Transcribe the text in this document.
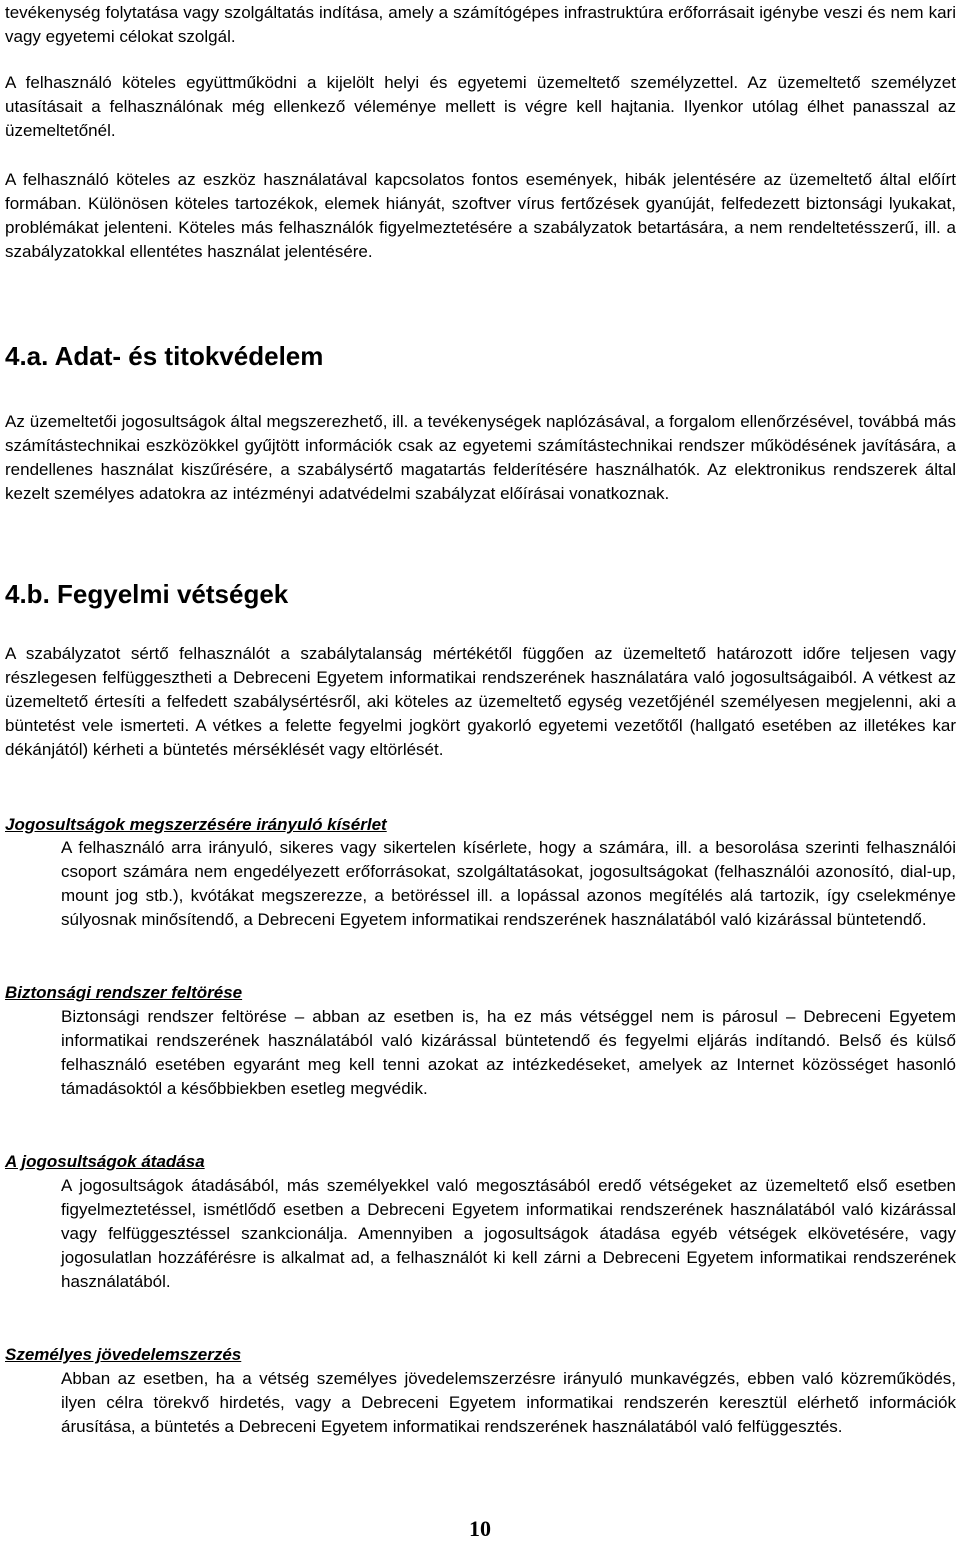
tevékenység folytatása vagy szolgáltatás indítása, amely a számítógépes infrastruktúra erőforrásait igénybe veszi és nem kari vagy egyetemi célokat szolgál.

A felhasználó köteles együttműködni a kijelölt helyi és egyetemi üzemeltető személyzettel. Az üzemeltető személyzet utasításait a felhasználónak még ellenkező véleménye mellett is végre kell hajtania. Ilyenkor utólag élhet panasszal az üzemeltetőnél.

A felhasználó köteles az eszköz használatával kapcsolatos fontos események, hibák jelentésére az üzemeltető által előírt formában. Különösen köteles tartozékok, elemek hiányát, szoftver vírus fertőzések gyanúját, felfedezett biztonsági lyukakat, problémákat jelenteni. Köteles más felhasználók figyelmeztetésére a szabályzatok betartására, a nem rendeltetésszerű, ill. a szabályzatokkal ellentétes használat jelentésére.

4.a. Adat- és titokvédelem

Az üzemeltetői jogosultságok által megszerezhető, ill. a tevékenységek naplózásával, a forgalom ellenőrzésével, továbbá más számítástechnikai eszközökkel gyűjtött információk csak az egyetemi számítástechnikai rendszer működésének javítására, a rendellenes használat kiszűrésére, a szabálysértő magatartás felderítésére használhatók. Az elektronikus rendszerek által kezelt személyes adatokra az intézményi adatvédelmi szabályzat előírásai vonatkoznak.

4.b. Fegyelmi vétségek

A szabályzatot sértő felhasználót a szabálytalanság mértékétől függően az üzemeltető határozott időre teljesen vagy részlegesen felfüggesztheti a Debreceni Egyetem informatikai rendszerének használatára való jogosultságaiból. A vétkest az üzemeltető értesíti a felfedett szabálysértésről, aki köteles az üzemeltető egység vezetőjénél személyesen megjelenni, aki a büntetést vele ismerteti. A vétkes a felette fegyelmi jogkört gyakorló egyetemi vezetőtől (hallgató esetében az illetékes kar dékánjától) kérheti a büntetés mérséklését vagy eltörlését.

Jogosultságok megszerzésére irányuló kísérlet

A felhasználó arra irányuló, sikeres vagy sikertelen kísérlete, hogy a számára, ill. a besorolása szerinti felhasználói csoport számára nem engedélyezett erőforrásokat, szolgáltatásokat, jogosultságokat (felhasználói azonosító, dial-up, mount jog stb.), kvótákat megszerezze, a betöréssel ill. a lopással azonos megítélés alá tartozik, így cselekménye súlyosnak minősítendő, a Debreceni Egyetem informatikai rendszerének használatából való kizárással büntetendő.

Biztonsági rendszer feltörése

Biztonsági rendszer feltörése – abban az esetben is, ha ez más vétséggel nem is párosul – Debreceni Egyetem informatikai rendszerének használatából való kizárással büntetendő és fegyelmi eljárás indítandó. Belső és külső felhasználó esetében egyaránt meg kell tenni azokat az intézkedéseket, amelyek az Internet közösséget hasonló támadásoktól a későbbiekben esetleg megvédik.

A jogosultságok átadása

A jogosultságok átadásából, más személyekkel való megosztásából eredő vétségeket az üzemeltető első esetben figyelmeztetéssel, ismétlődő esetben a Debreceni Egyetem informatikai rendszerének használatából való kizárással vagy felfüggesztéssel szankcionálja. Amennyiben a jogosultságok átadása egyéb vétségek elkövetésére, vagy jogosulatlan hozzáférésre is alkalmat ad, a felhasználót ki kell zárni a Debreceni Egyetem informatikai rendszerének használatából.

Személyes jövedelemszerzés

Abban az esetben, ha a vétség személyes jövedelemszerzésre irányuló munkavégzés, ebben való közreműködés, ilyen célra törekvő hirdetés, vagy a Debreceni Egyetem informatikai rendszerén keresztül elérhető információk árusítása, a büntetés a Debreceni Egyetem informatikai rendszerének használatából való felfüggesztés.

10
